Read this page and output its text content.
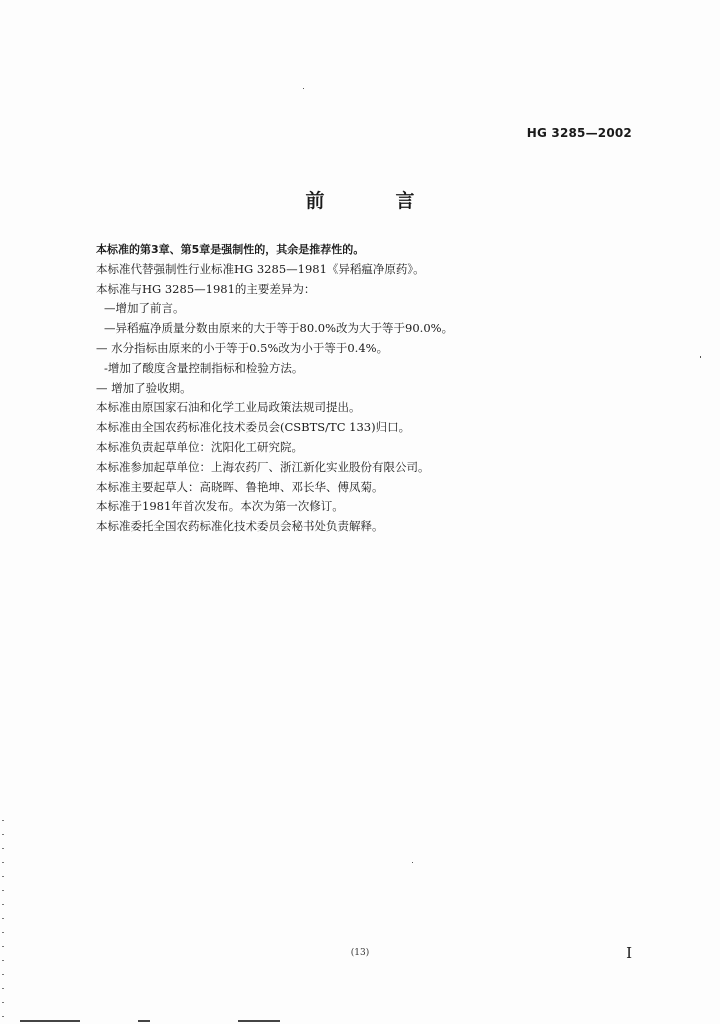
HG 3285—2002
前　言
本标准的第3章、第5章是强制性的，其余是推荐性的。
本标准代替强制性行业标准HG 3285—1981《异稻瘟净原药》。
本标准与HG 3285—1981的主要差异为：
—增加了前言。
—异稻瘟净质量分数由原来的大于等于80.0%改为大于等于90.0%。
— 水分指标由原来的小于等于0.5%改为小于等于0.4%。
-增加了酸度含量控制指标和检验方法。
— 增加了验收期。
本标准由原国家石油和化学工业局政策法规司提出。
本标准由全国农药标准化技术委员会(CSBTS/TC 133)归口。
本标准负责起草单位：沈阳化工研究院。
本标准参加起草单位：上海农药厂、浙江新化实业股份有限公司。
本标准主要起草人：高晓晖、鲁艳坤、邓长华、傅凤菊。
本标准于1981年首次发布。本次为第一次修订。
本标准委托全国农药标准化技术委员会秘书处负责解释。
(13)	I
